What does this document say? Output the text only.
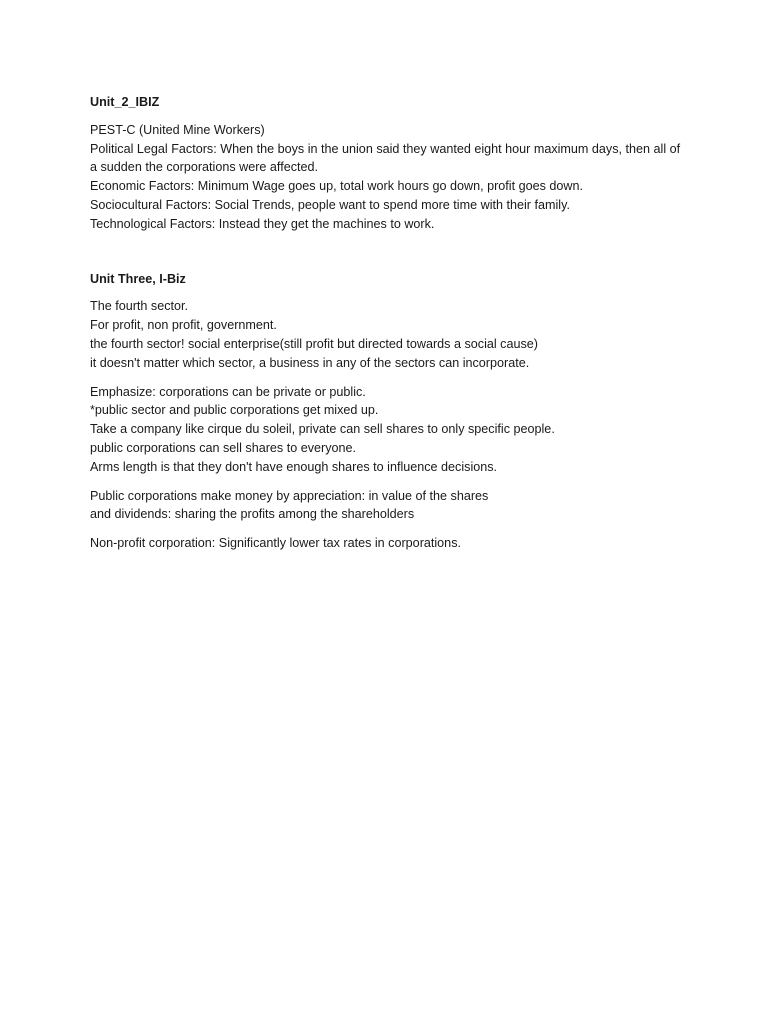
Unit_2_IBIZ
PEST-C (United Mine Workers)
Political Legal Factors: When the boys in the union said they wanted eight hour maximum days, then all of a sudden the corporations were affected.
Economic Factors: Minimum Wage goes up, total work hours go down, profit goes down.
Sociocultural Factors: Social Trends, people want to spend more time with their family.
Technological Factors: Instead they get the machines to work.
Unit Three, I-Biz
The fourth sector.
For profit, non profit, government.
the fourth sector! social enterprise(still profit but directed towards a social cause)
it doesn't matter which sector, a business in any of the sectors can incorporate.
Emphasize: corporations can be private or public.
*public sector and public corporations get mixed up.
Take a company like cirque du soleil, private can sell shares to only specific people.
public corporations can sell shares to everyone.
Arms length is that they don't have enough shares to influence decisions.
Public corporations make money by appreciation: in value of the shares
and dividends: sharing the profits among the shareholders
Non-profit corporation: Significantly lower tax rates in corporations.
